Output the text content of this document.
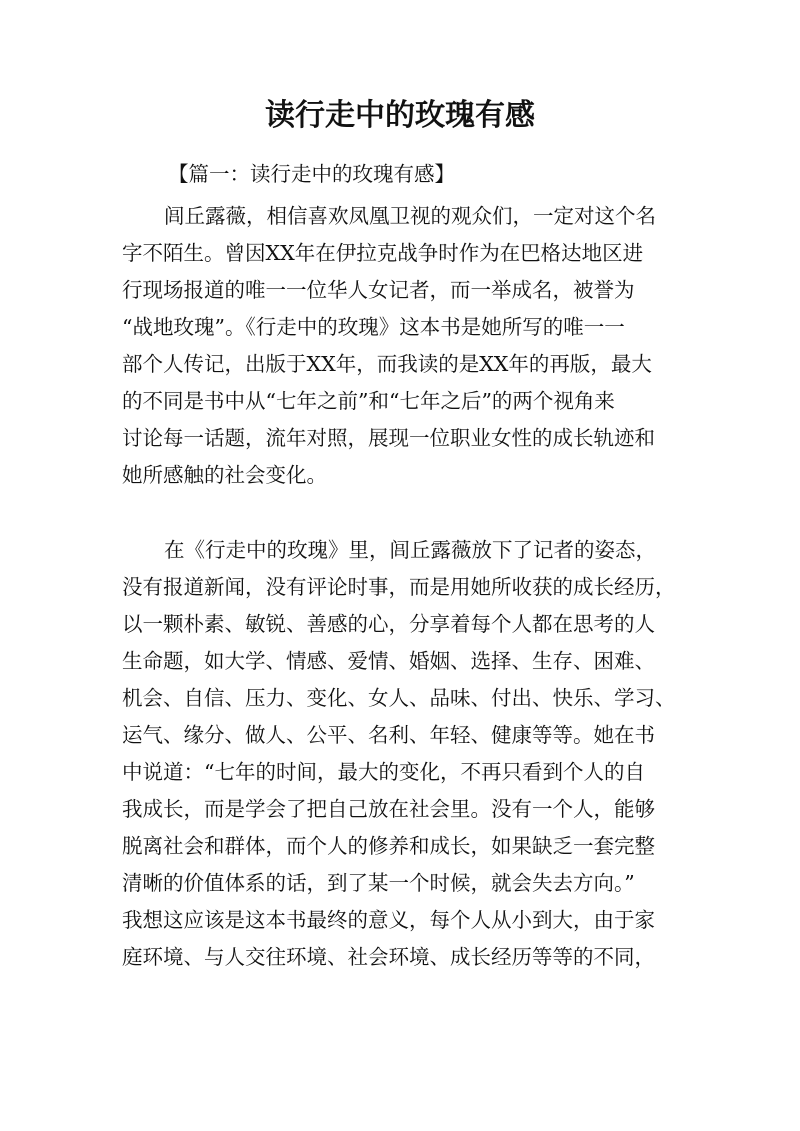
读行走中的玫瑰有感

【篇一：读行走中的玫瑰有感】

闾丘露薇，相信喜欢凤凰卫视的观众们，一定对这个名
字不陌生。曾因XX年在伊拉克战争时作为在巴格达地区进
行现场报道的唯一一位华人女记者，而一举成名，被誉为
“战地玫瑰”。《行走中的玫瑰》这本书是她所写的唯一一
部个人传记，出版于XX年，而我读的是XX年的再版，最大
的不同是书中从“七年之前”和“七年之后”的两个视角来
讨论每一话题，流年对照，展现一位职业女性的成长轨迹和
她所感触的社会变化。
在《行走中的玫瑰》里，闾丘露薇放下了记者的姿态，
没有报道新闻，没有评论时事，而是用她所收获的成长经历，
以一颗朴素、敏锐、善感的心，分享着每个人都在思考的人
生命题，如大学、情感、爱情、婚姻、选择、生存、困难、
机会、自信、压力、变化、女人、品味、付出、快乐、学习、
运气、缘分、做人、公平、名利、年轻、健康等等。她在书
中说道：“七年的时间，最大的变化，不再只看到个人的自
我成长，而是学会了把自己放在社会里。没有一个人，能够
脱离社会和群体，而个人的修养和成长，如果缺乏一套完整
清晰的价值体系的话，到了某一个时候，就会失去方向。”
我想这应该是这本书最终的意义，每个人从小到大，由于家
庭环境、与人交往环境、社会环境、成长经历等等的不同，
